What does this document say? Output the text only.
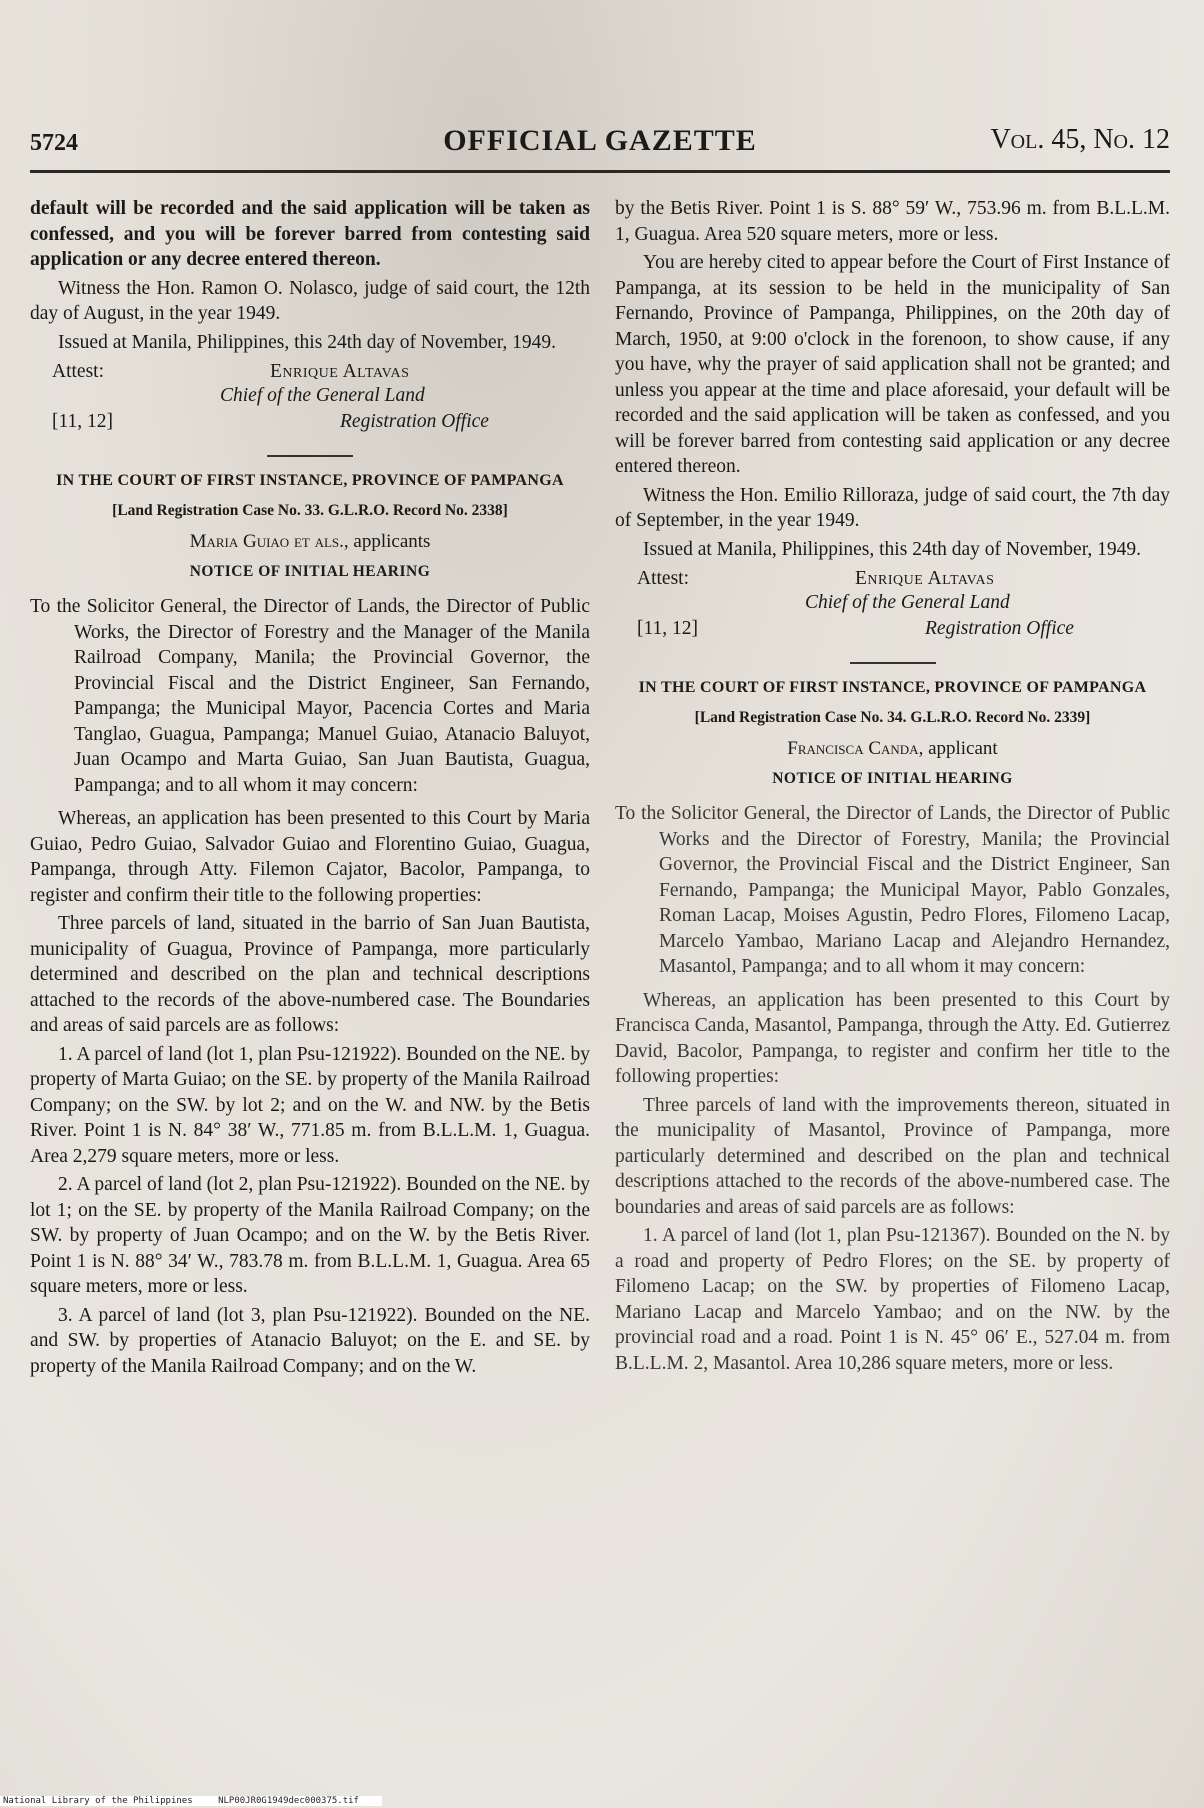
5724	OFFICIAL GAZETTE	Vol. 45, No. 12

default will be recorded and the said application will be taken as confessed, and you will be forever barred from contesting said application or any decree entered thereon.

Witness the Hon. Ramon O. Nolasco, judge of said court, the 12th day of August, in the year 1949.

Issued at Manila, Philippines, this 24th day of November, 1949.

Attest:	Enrique Altavas
Chief of the General Land
[11, 12]	Registration Office
IN THE COURT OF FIRST INSTANCE, PROVINCE OF PAMPANGA
[Land Registration Case No. 33. G.L.R.O. Record No. 2338]
Maria Guiao et als., applicants
NOTICE OF INITIAL HEARING

To the Solicitor General, the Director of Lands, the Director of Public Works, the Director of Forestry and the Manager of the Manila Railroad Company, Manila; the Provincial Governor, the Provincial Fiscal and the District Engineer, San Fernando, Pampanga; the Municipal Mayor, Pacencia Cortes and Maria Tanglao, Guagua, Pampanga; Manuel Guiao, Atanacio Baluyot, Juan Ocampo and Marta Guiao, San Juan Bautista, Guagua, Pampanga; and to all whom it may concern:

Whereas, an application has been presented to this Court by Maria Guiao, Pedro Guiao, Salvador Guiao and Florentino Guiao, Guagua, Pampanga, through Atty. Filemon Cajator, Bacolor, Pampanga, to register and confirm their title to the following properties:

Three parcels of land, situated in the barrio of San Juan Bautista, municipality of Guagua, Province of Pampanga, more particularly determined and described on the plan and technical descriptions attached to the records of the above-numbered case. The Boundaries and areas of said parcels are as follows:

1. A parcel of land (lot 1, plan Psu-121922). Bounded on the NE. by property of Marta Guiao; on the SE. by property of the Manila Railroad Company; on the SW. by lot 2; and on the W. and NW. by the Betis River. Point 1 is N. 84° 38′ W., 771.85 m. from B.L.L.M. 1, Guagua. Area 2,279 square meters, more or less.

2. A parcel of land (lot 2, plan Psu-121922). Bounded on the NE. by lot 1; on the SE. by property of the Manila Railroad Company; on the SW. by property of Juan Ocampo; and on the W. by the Betis River. Point 1 is N. 88° 34′ W., 783.78 m. from B.L.L.M. 1, Guagua. Area 65 square meters, more or less.

3. A parcel of land (lot 3, plan Psu-121922). Bounded on the NE. and SW. by properties of Atanacio Baluyot; on the E. and SE. by property of the Manila Railroad Company; and on the W.

by the Betis River. Point 1 is S. 88° 59′ W., 753.96 m. from B.L.L.M. 1, Guagua. Area 520 square meters, more or less.

You are hereby cited to appear before the Court of First Instance of Pampanga, at its session to be held in the municipality of San Fernando, Province of Pampanga, Philippines, on the 20th day of March, 1950, at 9:00 o'clock in the forenoon, to show cause, if any you have, why the prayer of said application shall not be granted; and unless you appear at the time and place aforesaid, your default will be recorded and the said application will be taken as confessed, and you will be forever barred from contesting said application or any decree entered thereon.

Witness the Hon. Emilio Rilloraza, judge of said court, the 7th day of September, in the year 1949.

Issued at Manila, Philippines, this 24th day of November, 1949.

Attest:	Enrique Altavas
Chief of the General Land
[11, 12]	Registration Office
IN THE COURT OF FIRST INSTANCE, PROVINCE OF PAMPANGA
[Land Registration Case No. 34. G.L.R.O. Record No. 2339]
Francisca Canda, applicant
NOTICE OF INITIAL HEARING

To the Solicitor General, the Director of Lands, the Director of Public Works and the Director of Forestry, Manila; the Provincial Governor, the Provincial Fiscal and the District Engineer, San Fernando, Pampanga; the Municipal Mayor, Pablo Gonzales, Roman Lacap, Moises Agustin, Pedro Flores, Filomeno Lacap, Marcelo Yambao, Mariano Lacap and Alejandro Hernandez, Masantol, Pampanga; and to all whom it may concern:

Whereas, an application has been presented to this Court by Francisca Canda, Masantol, Pampanga, through the Atty. Ed. Gutierrez David, Bacolor, Pampanga, to register and confirm her title to the following properties:

Three parcels of land with the improvements thereon, situated in the municipality of Masantol, Province of Pampanga, more particularly determined and described on the plan and technical descriptions attached to the records of the above-numbered case. The boundaries and areas of said parcels are as follows:

1. A parcel of land (lot 1, plan Psu-121367). Bounded on the N. by a road and property of Pedro Flores; on the SE. by property of Filomeno Lacap; on the SW. by properties of Filomeno Lacap, Mariano Lacap and Marcelo Yambao; and on the NW. by the provincial road and a road. Point 1 is N. 45° 06′ E., 527.04 m. from B.L.L.M. 2, Masantol. Area 10,286 square meters, more or less.

National Library of the Philippines	NLP00JR0G1949dec000375.tif
